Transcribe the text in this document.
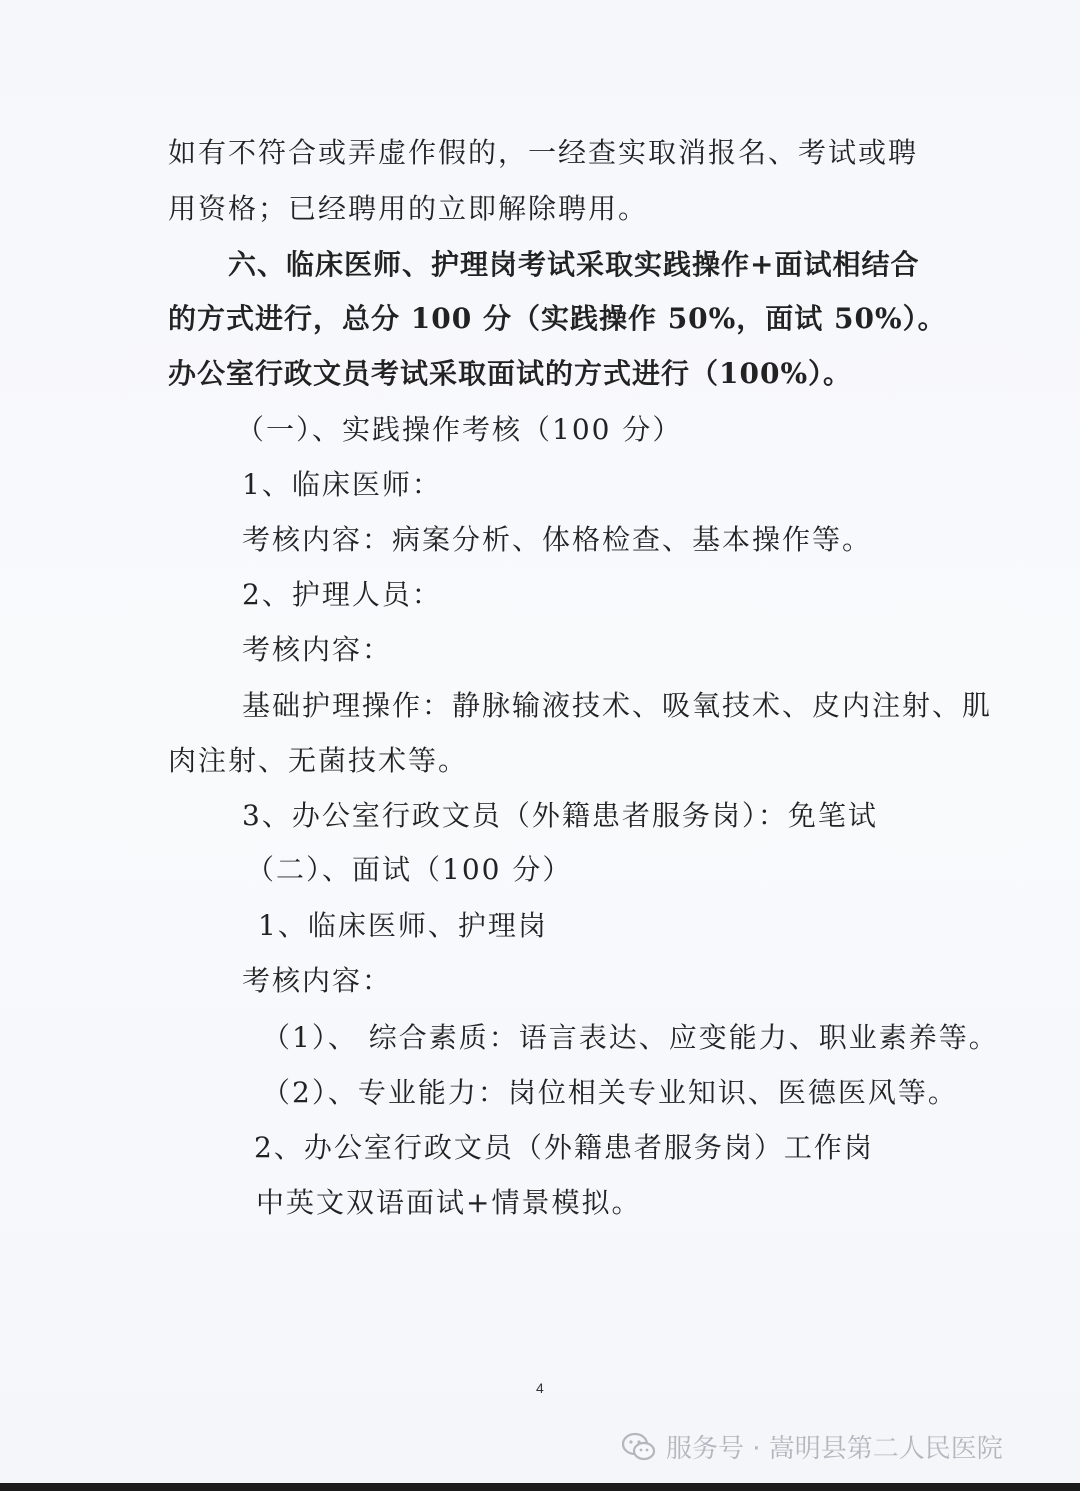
如有不符合或弄虚作假的，一经查实取消报名、考试或聘
用资格；已经聘用的立即解除聘用。
六、临床医师、护理岗考试采取实践操作+面试相结合
的方式进行，总分 100 分（实践操作 50%，面试 50%）。
办公室行政文员考试采取面试的方式进行（100%）。
（一）、实践操作考核（100 分）
1、临床医师：
考核内容：病案分析、体格检查、基本操作等。
2、护理人员：
考核内容：
基础护理操作：静脉输液技术、吸氧技术、皮内注射、肌
肉注射、无菌技术等。
3、办公室行政文员（外籍患者服务岗）：免笔试
（二）、面试（100 分）
1、临床医师、护理岗
考核内容：
（1）、 综合素质：语言表达、应变能力、职业素养等。
（2）、专业能力：岗位相关专业知识、医德医风等。
2、办公室行政文员（外籍患者服务岗）工作岗
中英文双语面试+情景模拟。
4
服务号 · 嵩明县第二人民医院
